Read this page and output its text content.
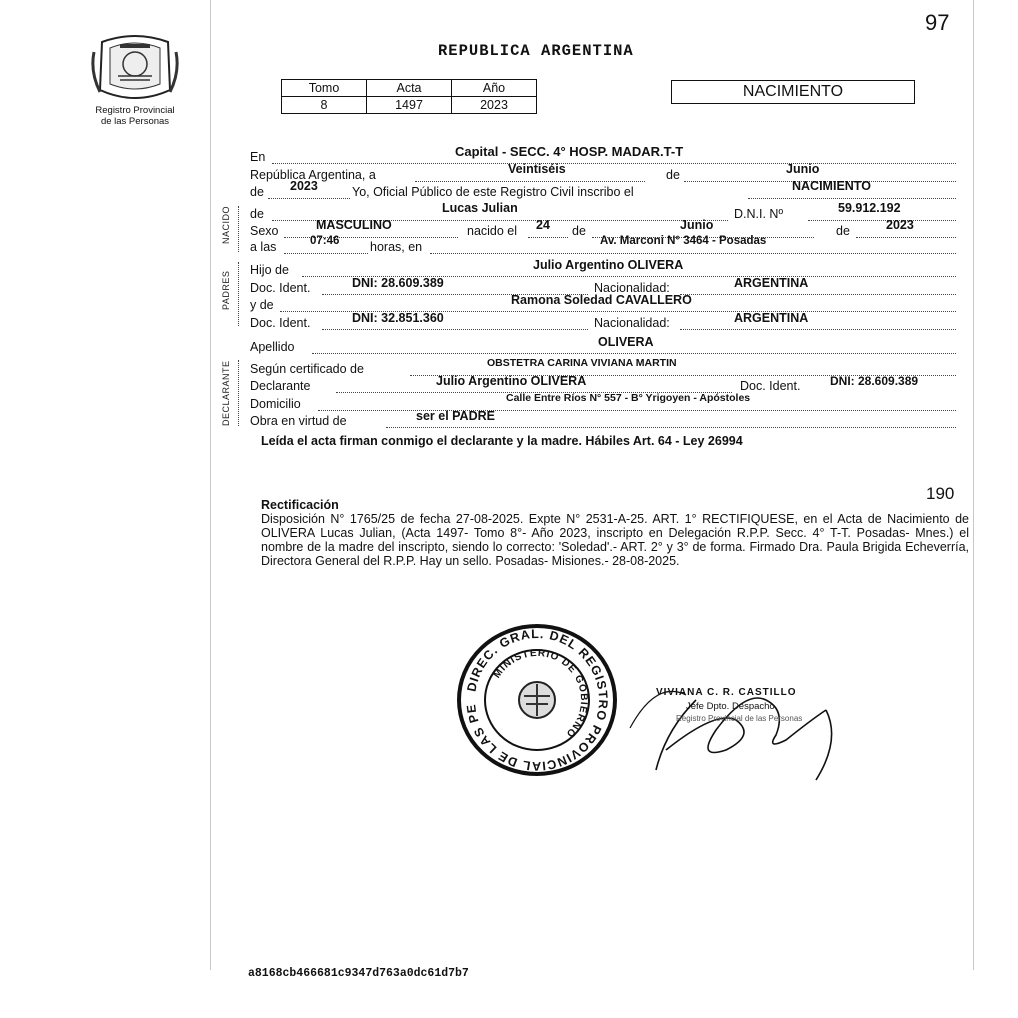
97
Registro Provincial
de las Personas
REPUBLICA ARGENTINA
Tomo	Acta	Año
8	1497	2023
NACIMIENTO
NACIDO
PADRES
DECLARANTE
En	Capital - SECC. 4° HOSP. MADAR.T-T
República Argentina, a	Veintiséis	de	Junio
de 2023	Yo, Oficial Público de este Registro Civil inscribo el	NACIMIENTO
de	Lucas Julian	D.N.I. Nº	59.912.192
Sexo	MASCULINO	nacido el 24 de	Junio	de	2023
a las	07:46 horas, en	Av. Marconi N° 3464 - Posadas
Hijo de	Julio Argentino OLIVERA
Doc. Ident.	DNI: 28.609.389	Nacionalidad:	ARGENTINA
y de	Ramona Soledad CAVALLERO
Doc. Ident.	DNI: 32.851.360	Nacionalidad:	ARGENTINA
Apellido	OLIVERA
Según certificado de	OBSTETRA CARINA VIVIANA MARTIN
Declarante	Julio Argentino OLIVERA	Doc. Ident. DNI: 28.609.389
Domicilio	Calle Entre Ríos N° 557 - B° Yrigoyen - Apóstoles
Obra en virtud de	ser el PADRE
Leída el acta firman conmigo el declarante y la madre. Hábiles Art. 64 - Ley 26994
190
Rectificación
Disposición N° 1765/25 de fecha 27-08-2025. Expte N° 2531-A-25. ART. 1° RECTIFIQUESE, en el Acta de Nacimiento de OLIVERA Lucas Julian, (Acta 1497- Tomo 8°- Año 2023, inscripto en Delegación R.P.P. Secc. 4° T-T. Posadas- Mnes.) el nombre de la madre del inscripto, siendo lo correcto: 'Soledad'.- ART. 2° y 3° de forma. Firmado Dra. Paula Brigida Echeverría, Directora General del R.P.P. Hay un sello. Posadas- Misiones.- 28-08-2025.
DIREC. GRAL. DEL REGISTRO PROVINCIAL DE LAS PE
MINISTERIO DE GOBIERNO
VIVIANA C. R. CASTILLO
Jefe Dpto. Despacho
Registro Provincial de las Personas
a8168cb466681c9347d763a0dc61d7b7
